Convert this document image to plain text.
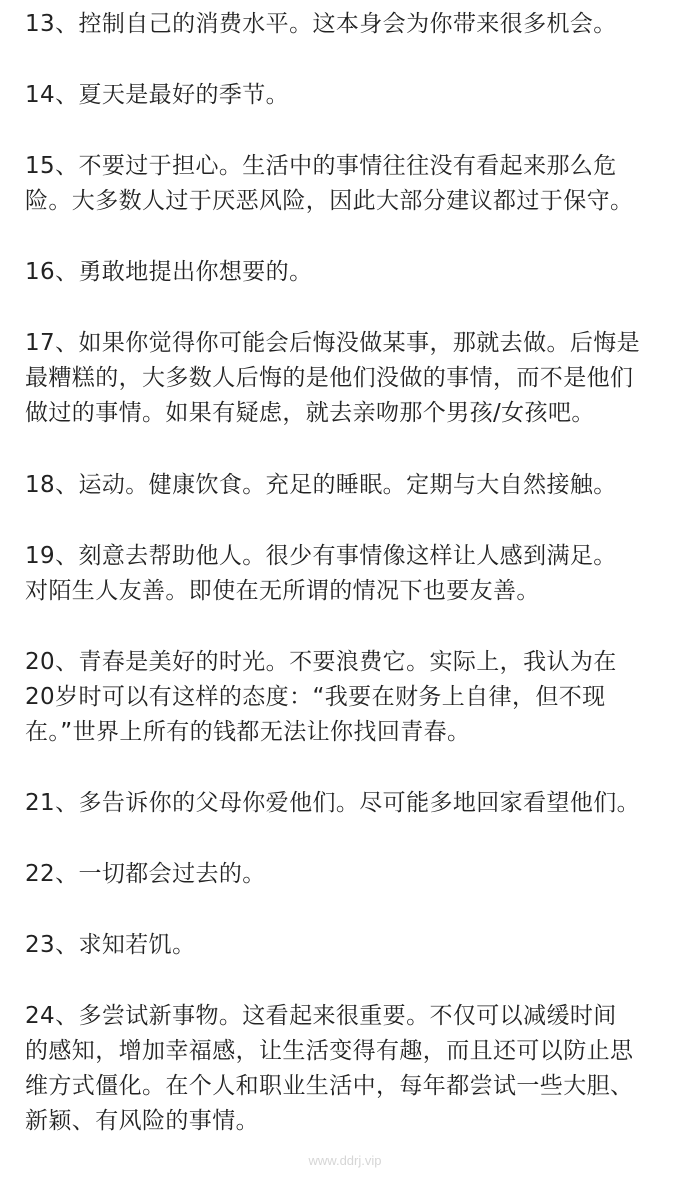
13、控制自己的消费水平。这本身会为你带来很多机会。
14、夏天是最好的季节。
15、不要过于担心。生活中的事情往往没有看起来那么危
险。大多数人过于厌恶风险，因此大部分建议都过于保守。
16、勇敢地提出你想要的。
17、如果你觉得你可能会后悔没做某事，那就去做。后悔是
最糟糕的，大多数人后悔的是他们没做的事情，而不是他们
做过的事情。如果有疑虑，就去亲吻那个男孩/女孩吧。
18、运动。健康饮食。充足的睡眠。定期与大自然接触。
19、刻意去帮助他人。很少有事情像这样让人感到满足。
对陌生人友善。即使在无所谓的情况下也要友善。
20、青春是美好的时光。不要浪费它。实际上，我认为在
20岁时可以有这样的态度：“我要在财务上自律，但不现
在。”世界上所有的钱都无法让你找回青春。
21、多告诉你的父母你爱他们。尽可能多地回家看望他们。
22、一切都会过去的。
23、求知若饥。
24、多尝试新事物。这看起来很重要。不仅可以减缓时间
的感知，增加幸福感，让生活变得有趣，而且还可以防止思
维方式僵化。在个人和职业生活中，每年都尝试一些大胆、
新颖、有风险的事情。
www.ddrj.vip
